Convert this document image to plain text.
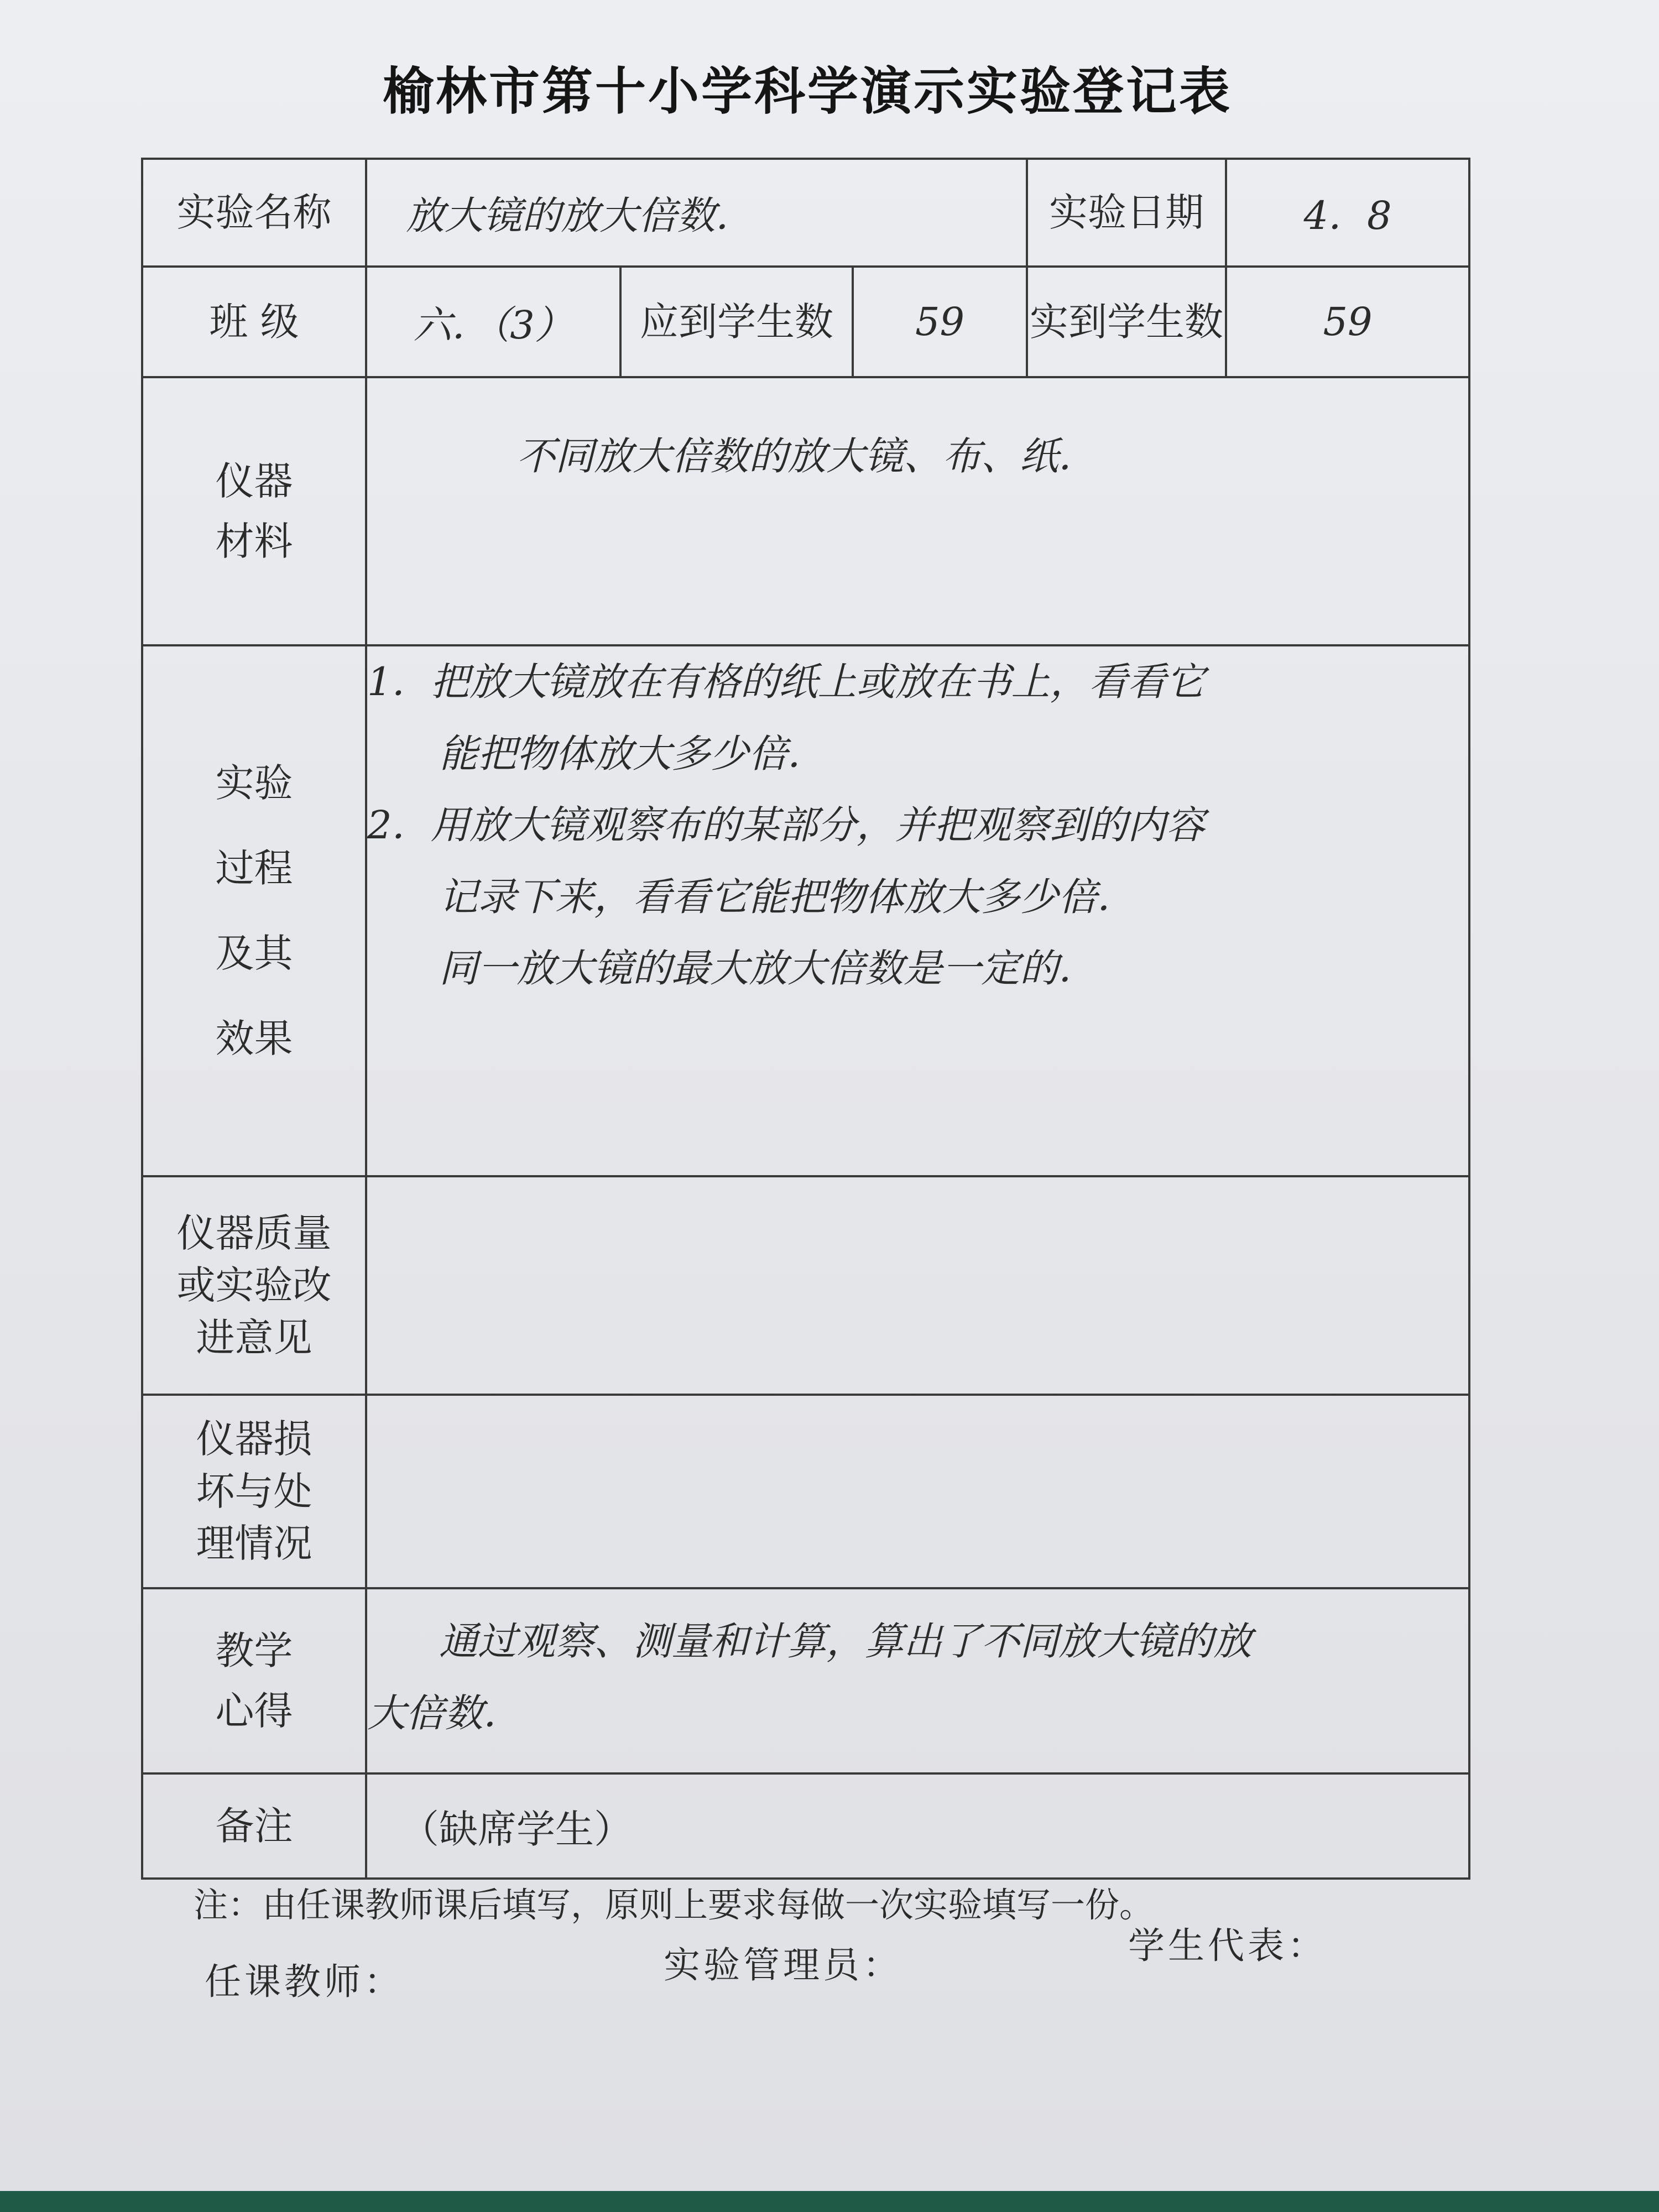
榆林市第十小学科学演示实验登记表
实验名称	放大镜的放大倍数．			实验日期	4．8
班 级	六．（3）	应到学生数	59	实到学生数	59
仪器材料	不同放大倍数的放大镜、布、纸．				
实验过程及其效果	1．把放大镜放在有格的纸上或放在书上，看看它
能把物体放大多少倍．
2．用放大镜观察布的某部分，并把观察到的内容
记录下来，看看它能把物体放大多少倍．
同一放大镜的最大放大倍数是一定的．				

仪器质量或实验改进意见					
仪器损坏与处理情况					
教学心得	通过观察、测量和计算，算出了不同放大镜的放
大倍数．				

备注	（缺席学生）				
注：由任课教师课后填写，原则上要求每做一次实验填写一份。
任课教师：	实验管理员：	学生代表：
